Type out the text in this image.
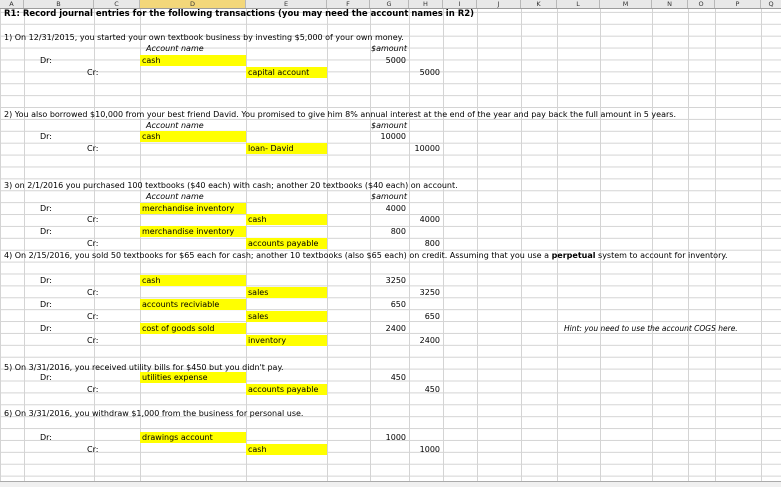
A	B	C	D	E	F	G	H	I	J	K	L	M	N	O	P	Q
R1: Record journal entries for the following transactions (you may need the account names in R2)
1) On 12/31/2015, you started your own textbook business by investing $5,000 of your own money.
Account name	$amount
Dr:	cash	5000
Cr:	capital account	5000
2) You also borrowed $10,000 from your best friend David. You promised to give him 8% annual interest at the end of the year and pay back the full amount in 5 years.
Account name	$amount
Dr:	cash	10000
Cr:	loan- David	10000
3) on 2/1/2016 you purchased 100 textbooks ($40 each) with cash; another 20 textbooks ($40 each) on account.
Account name	$amount
Dr:	merchandise inventory	4000
Cr:	cash	4000
Dr:	merchandise inventory	800
Cr:	accounts payable	800
4) On 2/15/2016, you sold 50 textbooks for $65 each for cash; another 10 textbooks (also $65 each) on credit. Assuming that you use a perpetual system to account for inventory.
Dr:	cash	3250
Cr:	sales	3250
Dr:	accounts reciviable	650
Cr:	sales	650
Dr:	cost of goods sold	2400	Hint: you need to use the account COGS here.
Cr:	inventory	2400
5) On 3/31/2016, you received utility bills for $450 but you didn't pay.
Dr:	utilities expense	450
Cr:	accounts payable	450
6) On 3/31/2016, you withdraw $1,000 from the business for personal use.
Dr:	drawings account	1000
Cr:	cash	1000
